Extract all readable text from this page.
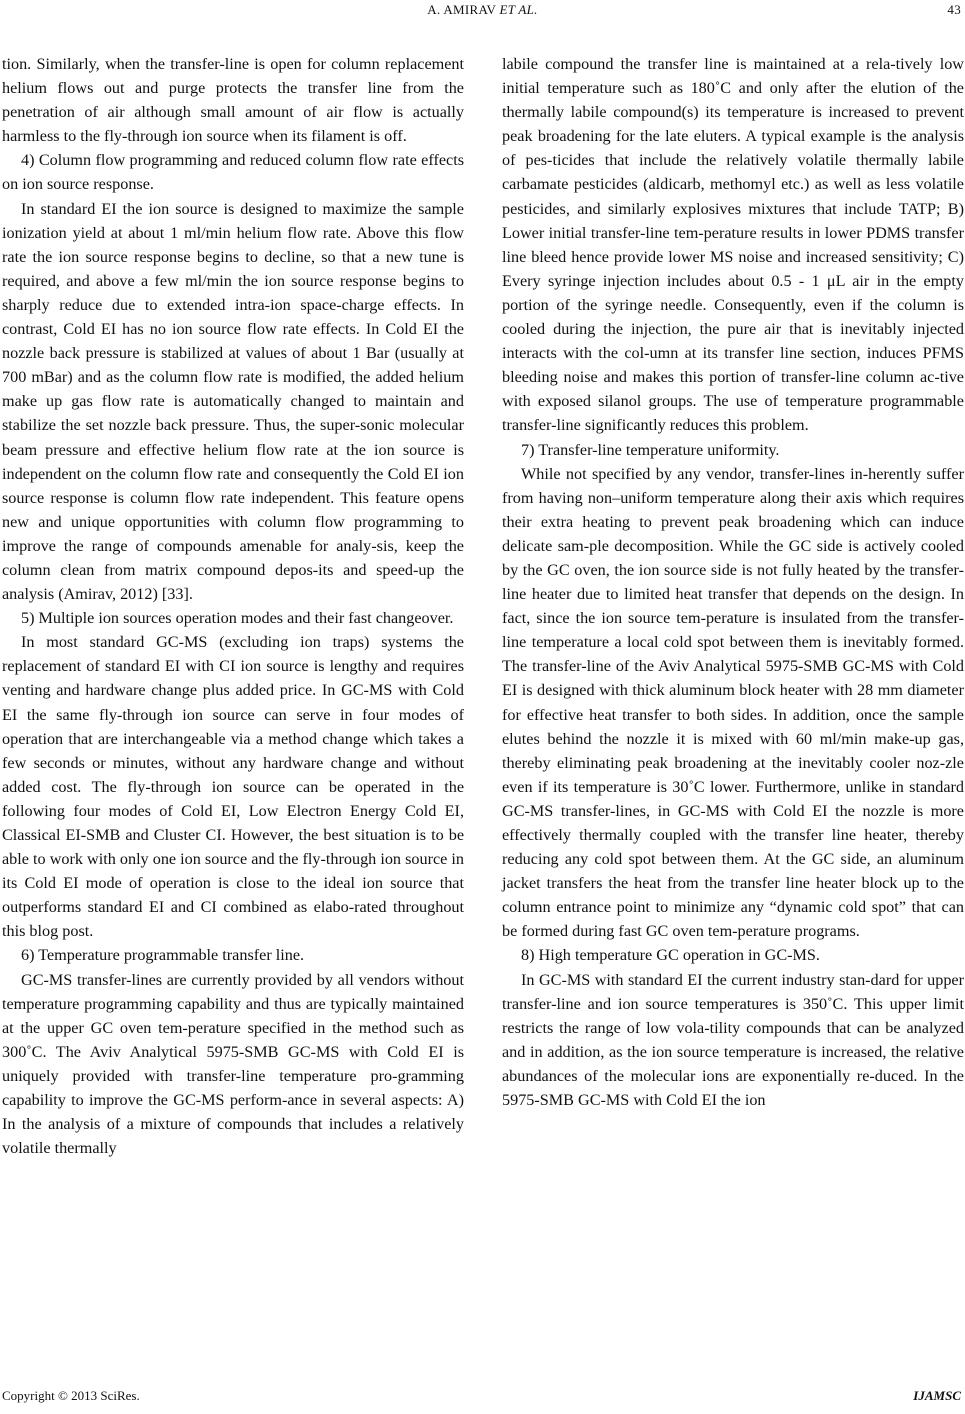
A. AMIRAV ET AL.	43

tion. Similarly, when the transfer-line is open for column replacement helium flows out and purge protects the transfer line from the penetration of air although small amount of air flow is actually harmless to the fly-through ion source when its filament is off.

4) Column flow programming and reduced column flow rate effects on ion source response.

In standard EI the ion source is designed to maximize the sample ionization yield at about 1 ml/min helium flow rate. Above this flow rate the ion source response begins to decline, so that a new tune is required, and above a few ml/min the ion source response begins to sharply reduce due to extended intra-ion space-charge effects. In contrast, Cold EI has no ion source flow rate effects. In Cold EI the nozzle back pressure is stabilized at values of about 1 Bar (usually at 700 mBar) and as the column flow rate is modified, the added helium make up gas flow rate is automatically changed to maintain and stabilize the set nozzle back pressure. Thus, the super-sonic molecular beam pressure and effective helium flow rate at the ion source is independent on the column flow rate and consequently the Cold EI ion source response is column flow rate independent. This feature opens new and unique opportunities with column flow programming to improve the range of compounds amenable for analy-sis, keep the column clean from matrix compound depos-its and speed-up the analysis (Amirav, 2012) [33].

5) Multiple ion sources operation modes and their fast changeover.

In most standard GC-MS (excluding ion traps) systems the replacement of standard EI with CI ion source is lengthy and requires venting and hardware change plus added price. In GC-MS with Cold EI the same fly-through ion source can serve in four modes of operation that are interchangeable via a method change which takes a few seconds or minutes, without any hardware change and without added cost. The fly-through ion source can be operated in the following four modes of Cold EI, Low Electron Energy Cold EI, Classical EI-SMB and Cluster CI. However, the best situation is to be able to work with only one ion source and the fly-through ion source in its Cold EI mode of operation is close to the ideal ion source that outperforms standard EI and CI combined as elabo-rated throughout this blog post.

6) Temperature programmable transfer line.

GC-MS transfer-lines are currently provided by all vendors without temperature programming capability and thus are typically maintained at the upper GC oven tem-perature specified in the method such as 300˚C. The Aviv Analytical 5975-SMB GC-MS with Cold EI is uniquely provided with transfer-line temperature pro-gramming capability to improve the GC-MS perform-ance in several aspects: A) In the analysis of a mixture of compounds that includes a relatively volatile thermally

labile compound the transfer line is maintained at a rela-tively low initial temperature such as 180˚C and only after the elution of the thermally labile compound(s) its temperature is increased to prevent peak broadening for the late eluters. A typical example is the analysis of pes-ticides that include the relatively volatile thermally labile carbamate pesticides (aldicarb, methomyl etc.) as well as less volatile pesticides, and similarly explosives mixtures that include TATP; B) Lower initial transfer-line tem-perature results in lower PDMS transfer line bleed hence provide lower MS noise and increased sensitivity; C) Every syringe injection includes about 0.5 - 1 μL air in the empty portion of the syringe needle. Consequently, even if the column is cooled during the injection, the pure air that is inevitably injected interacts with the col-umn at its transfer line section, induces PFMS bleeding noise and makes this portion of transfer-line column ac-tive with exposed silanol groups. The use of temperature programmable transfer-line significantly reduces this problem.

7) Transfer-line temperature uniformity.

While not specified by any vendor, transfer-lines in-herently suffer from having non–uniform temperature along their axis which requires their extra heating to prevent peak broadening which can induce delicate sam-ple decomposition. While the GC side is actively cooled by the GC oven, the ion source side is not fully heated by the transfer-line heater due to limited heat transfer that depends on the design. In fact, since the ion source tem-perature is insulated from the transfer-line temperature a local cold spot between them is inevitably formed. The transfer-line of the Aviv Analytical 5975-SMB GC-MS with Cold EI is designed with thick aluminum block heater with 28 mm diameter for effective heat transfer to both sides. In addition, once the sample elutes behind the nozzle it is mixed with 60 ml/min make-up gas, thereby eliminating peak broadening at the inevitably cooler noz-zle even if its temperature is 30˚C lower. Furthermore, unlike in standard GC-MS transfer-lines, in GC-MS with Cold EI the nozzle is more effectively thermally coupled with the transfer line heater, thereby reducing any cold spot between them. At the GC side, an aluminum jacket transfers the heat from the transfer line heater block up to the column entrance point to minimize any “dynamic cold spot” that can be formed during fast GC oven tem-perature programs.

8) High temperature GC operation in GC-MS.

In GC-MS with standard EI the current industry stan-dard for upper transfer-line and ion source temperatures is 350˚C. This upper limit restricts the range of low vola-tility compounds that can be analyzed and in addition, as the ion source temperature is increased, the relative abundances of the molecular ions are exponentially re-duced. In the 5975-SMB GC-MS with Cold EI the ion

Copyright © 2013 SciRes.	IJAMSC
